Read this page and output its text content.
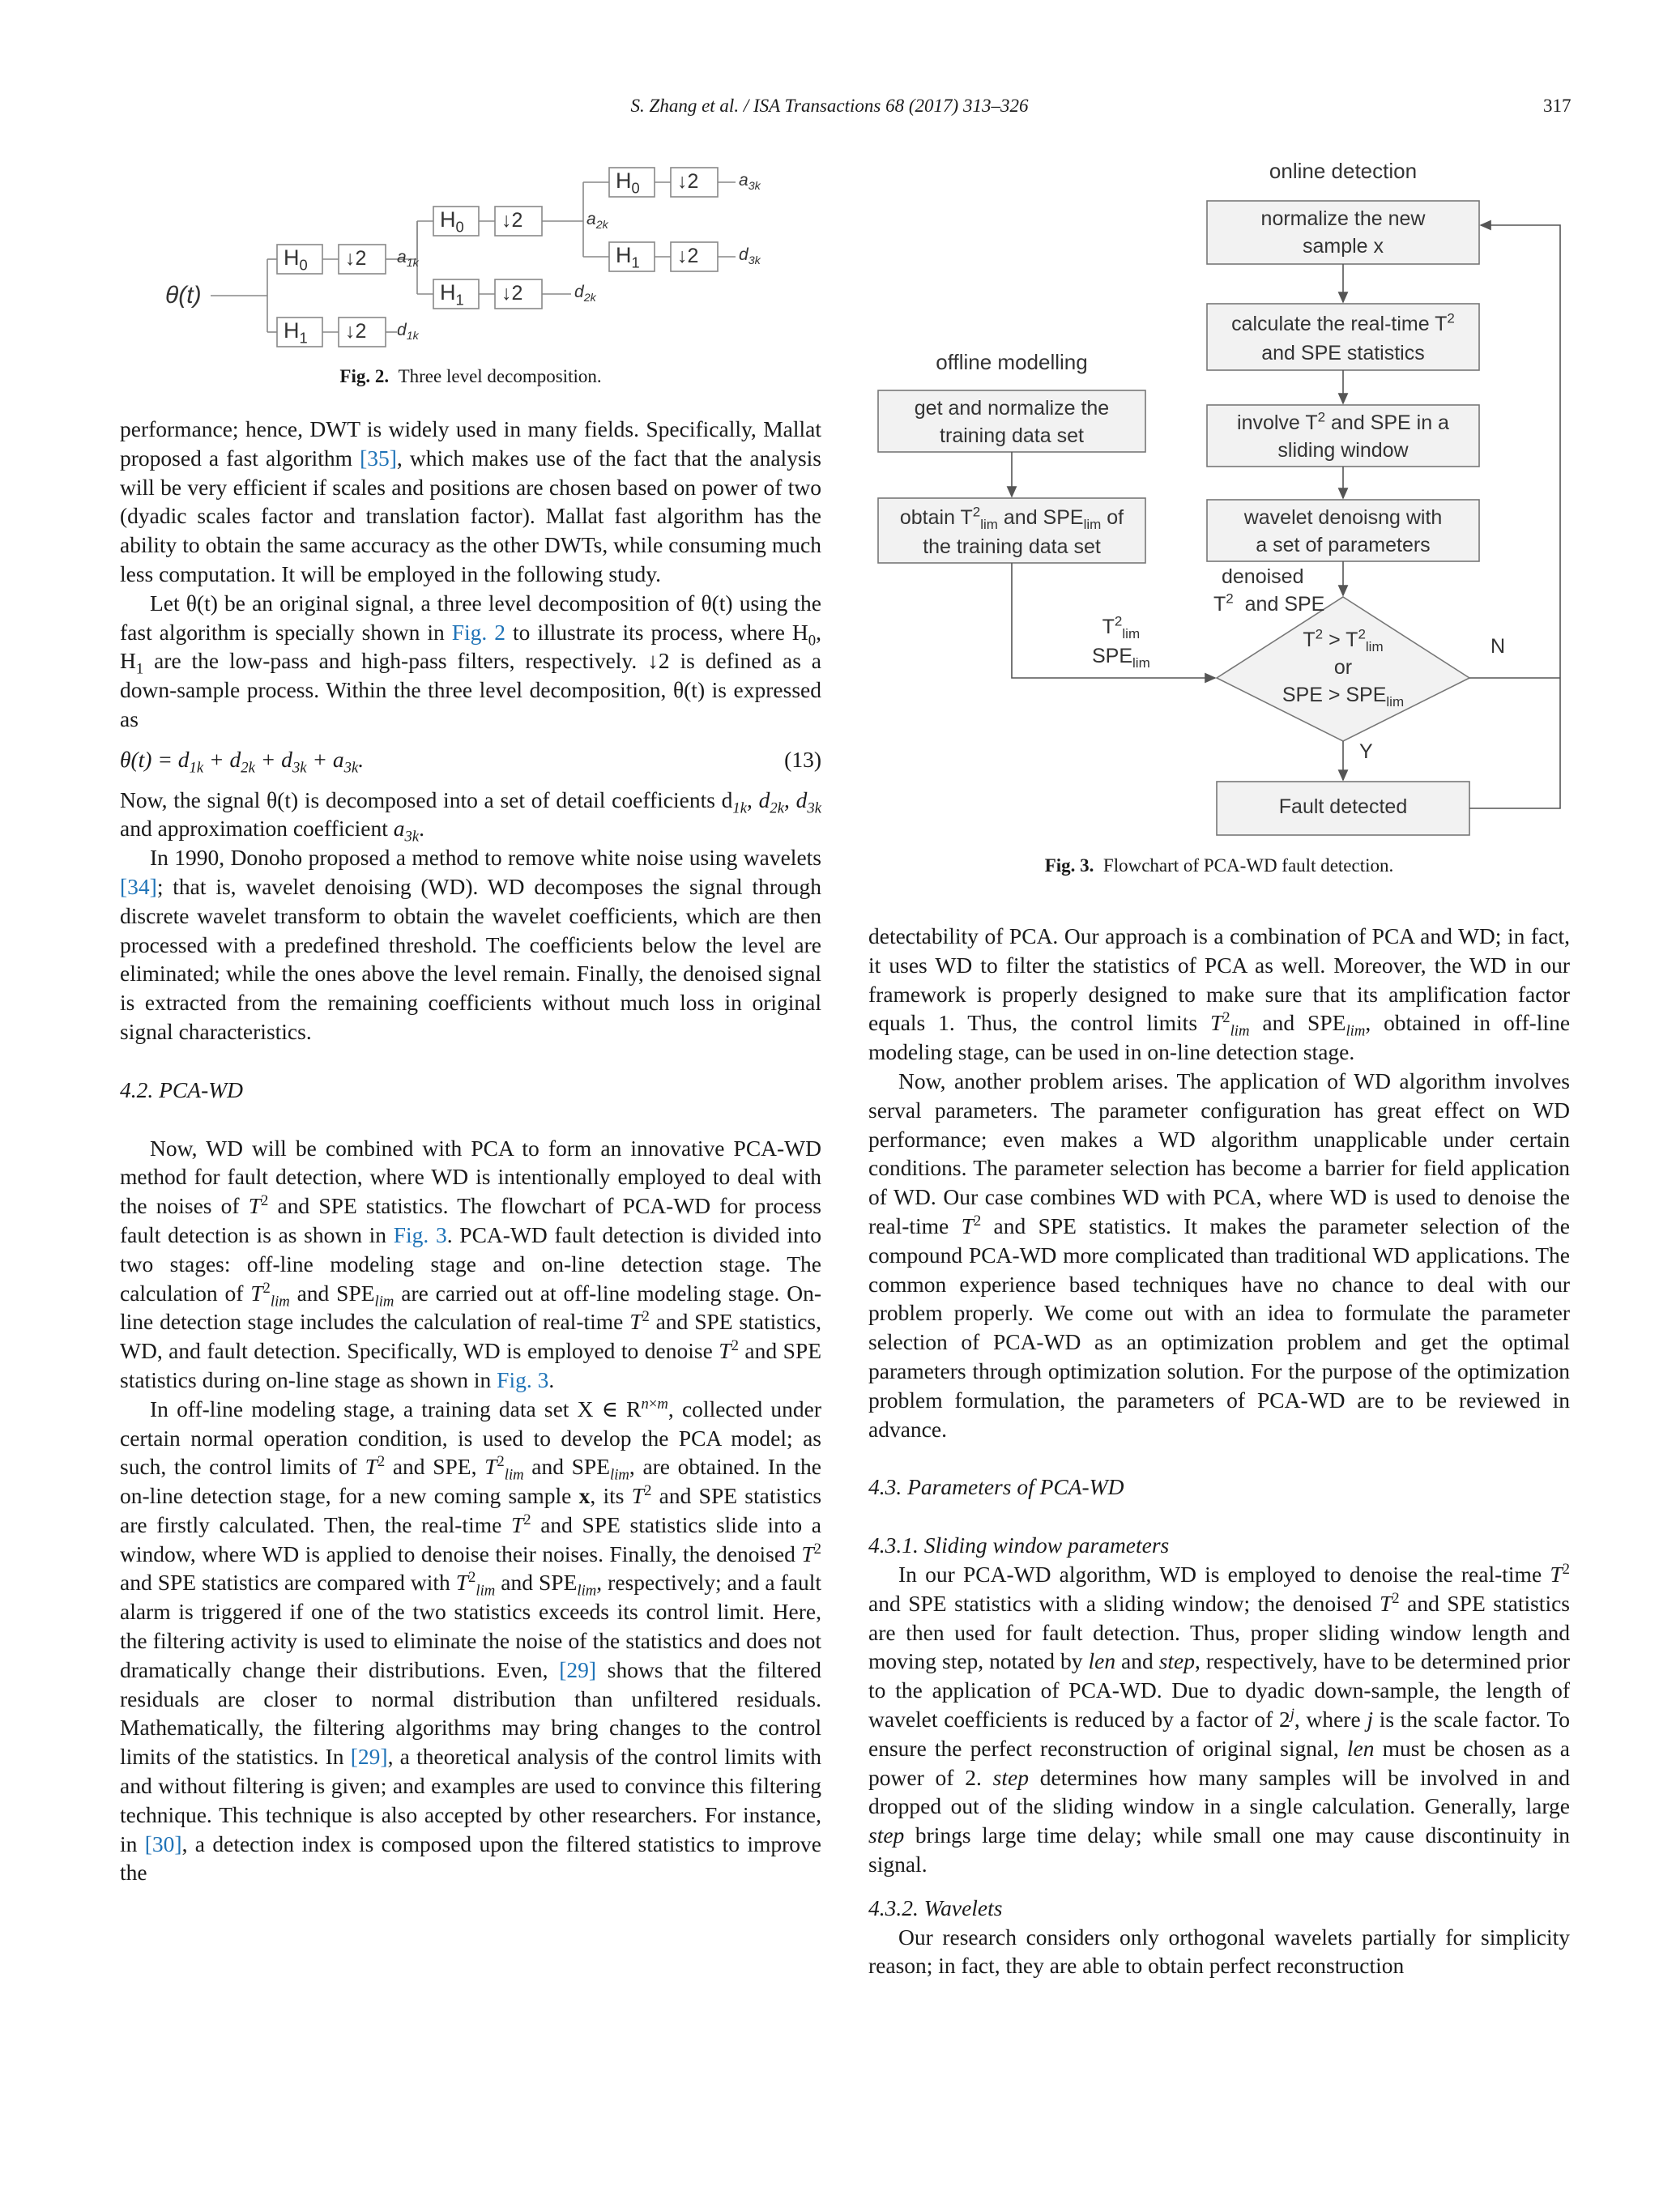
S. Zhang et al. / ISA Transactions 68 (2017) 313–326	317
θ(t)
$H_0$
$H_1$
↓2
↓2
$a_{1k}$
$d_{1k}$
$H_0$
$H_1$
↓2
↓2
$a_{2k}$
$d_{2k}$
$H_0$
$H_1$
↓2
↓2
$a_{3k}$
$d_{3k}$
Fig. 2. Three level decomposition.
online detection
offline modelling
normalize the new
sample x
calculate the real-time $T^2$
and SPE statistics
involve $T^2$ and SPE in a
sliding window
wavelet denoisng with
a set of parameters
get and normalize the
training data set
obtain $T^2_{lim}$ and $SPE_{lim}$ of
the training data set
denoised
$T^2$ and SPE
$T^2_{lim}$
$SPE_{lim}$
$T^2 > T^2_{lim}$
or
SPE > $SPE_{lim}$
N
Y
Fault detected
Fig. 3. Flowchart of PCA-WD fault detection.

performance; hence, DWT is widely used in many fields. Specifically, Mallat proposed a fast algorithm [35], which makes use of the fact that the analysis will be very efficient if scales and positions are chosen based on power of two (dyadic scales factor and translation factor). Mallat fast algorithm has the ability to obtain the same accuracy as the other DWTs, while consuming much less computation. It will be employed in the following study.

Let θ(t) be an original signal, a three level decomposition of θ(t) using the fast algorithm is specially shown in Fig. 2 to illustrate its process, where $H_0$, $H_1$ are the low-pass and high-pass filters, respectively. ↓2 is defined as a down-sample process. Within the three level decomposition, θ(t) is expressed as

$\theta(t) = d_{1k} + d_{2k} + d_{3k} + a_{3k}$.	(13)

Now, the signal θ(t) is decomposed into a set of detail coefficients $d_{1k}$, $d_{2k}$, $d_{3k}$ and approximation coefficient $a_{3k}$.

In 1990, Donoho proposed a method to remove white noise using wavelets [34]; that is, wavelet denoising (WD). WD decomposes the signal through discrete wavelet transform to obtain the wavelet coefficients, which are then processed with a predefined threshold. The coefficients below the level are eliminated; while the ones above the level remain. Finally, the denoised signal is extracted from the remaining coefficients without much loss in original signal characteristics.

4.2. PCA-WD

Now, WD will be combined with PCA to form an innovative PCA-WD method for fault detection, where WD is intentionally employed to deal with the noises of $T^2$ and SPE statistics. The flowchart of PCA-WD for process fault detection is as shown in Fig. 3. PCA-WD fault detection is divided into two stages: off-line modeling stage and on-line detection stage. The calculation of $T^2_{lim}$ and $SPE_{lim}$ are carried out at off-line modeling stage. On-line detection stage includes the calculation of real-time $T^2$ and SPE statistics, WD, and fault detection. Specifically, WD is employed to denoise $T^2$ and SPE statistics during on-line stage as shown in Fig. 3.

In off-line modeling stage, a training data set X ∈ $R^{n\times m}$, collected under certain normal operation condition, is used to develop the PCA model; as such, the control limits of $T^2$ and SPE, $T^2_{lim}$ and $SPE_{lim}$, are obtained. In the on-line detection stage, for a new coming sample x, its $T^2$ and SPE statistics are firstly calculated. Then, the real-time $T^2$ and SPE statistics slide into a window, where WD is applied to denoise their noises. Finally, the denoised $T^2$ and SPE statistics are compared with $T^2_{lim}$ and $SPE_{lim}$, respectively; and a fault alarm is triggered if one of the two statistics exceeds its control limit. Here, the filtering activity is used to eliminate the noise of the statistics and does not dramatically change their distributions. Even, [29] shows that the filtered residuals are closer to normal distribution than unfiltered residuals. Mathematically, the filtering algorithms may bring changes to the control limits of the statistics. In [29], a theoretical analysis of the control limits with and without filtering is given; and examples are used to convince this filtering technique. This technique is also accepted by other researchers. For instance, in [30], a detection index is composed upon the filtered statistics to improve the

detectability of PCA. Our approach is a combination of PCA and WD; in fact, it uses WD to filter the statistics of PCA as well. Moreover, the WD in our framework is properly designed to make sure that its amplification factor equals 1. Thus, the control limits $T^2_{lim}$ and $SPE_{lim}$, obtained in off-line modeling stage, can be used in on-line detection stage.

Now, another problem arises. The application of WD algorithm involves serval parameters. The parameter configuration has great effect on WD performance; even makes a WD algorithm unapplicable under certain conditions. The parameter selection has become a barrier for field application of WD. Our case combines WD with PCA, where WD is used to denoise the real-time $T^2$ and SPE statistics. It makes the parameter selection of the compound PCA-WD more complicated than traditional WD applications. The common experience based techniques have no chance to deal with our problem properly. We come out with an idea to formulate the parameter selection of PCA-WD as an optimization problem and get the optimal parameters through optimization solution. For the purpose of the optimization problem formulation, the parameters of PCA-WD are to be reviewed in advance.

4.3. Parameters of PCA-WD

4.3.1. Sliding window parameters

In our PCA-WD algorithm, WD is employed to denoise the real-time $T^2$ and SPE statistics with a sliding window; the denoised $T^2$ and SPE statistics are then used for fault detection. Thus, proper sliding window length and moving step, notated by len and step, respectively, have to be determined prior to the application of PCA-WD. Due to dyadic down-sample, the length of wavelet coefficients is reduced by a factor of 2$^j$, where j is the scale factor. To ensure the perfect reconstruction of original signal, len must be chosen as a power of 2. step determines how many samples will be involved in and dropped out of the sliding window in a single calculation. Generally, large step brings large time delay; while small one may cause discontinuity in signal.

4.3.2. Wavelets

Our research considers only orthogonal wavelets partially for simplicity reason; in fact, they are able to obtain perfect reconstruction
